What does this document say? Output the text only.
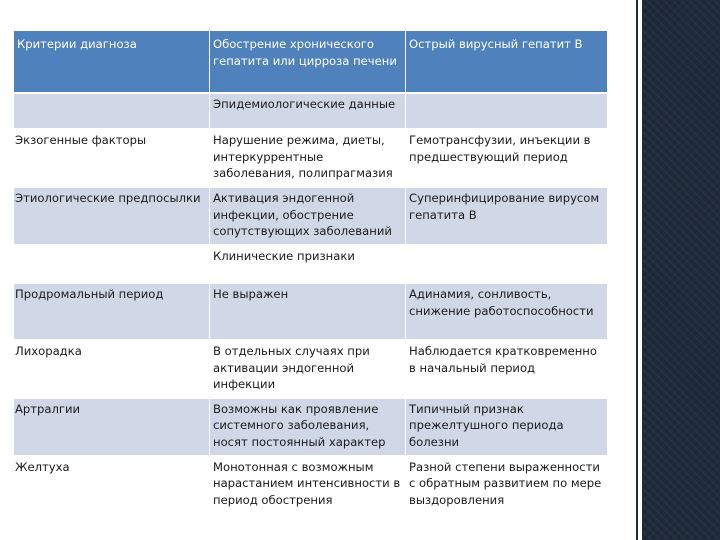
Критерии диагноза	Обострение хронического гепатита или цирроза печени	Острый вирусный гепатит В
	Эпидемиологические данные	
Экзогенные факторы	Нарушение режима, диеты, интеркуррентные заболевания, полипрагмазия	Гемотрансфузии, инъекции в предшествующий период
Этиологические предпосылки	Активация эндогенной инфекции, обострение сопутствующих заболеваний	Суперинфицирование вирусом гепатита В
	Клинические признаки	
Продромальный период	Не выражен	Адинамия, сонливость, снижение работоспособности
Лихорадка	В отдельных случаях при активации эндогенной инфекции	Наблюдается кратковременно в начальный период
Артралгии	Возможны как проявление системного заболевания, носят постоянный характер	Типичный признак прежелтушного периода болезни
Желтуха	Монотонная с возможным нарастанием интенсивности в период обострения	Разной степени выраженности с обратным развитием по мере выздоровления
